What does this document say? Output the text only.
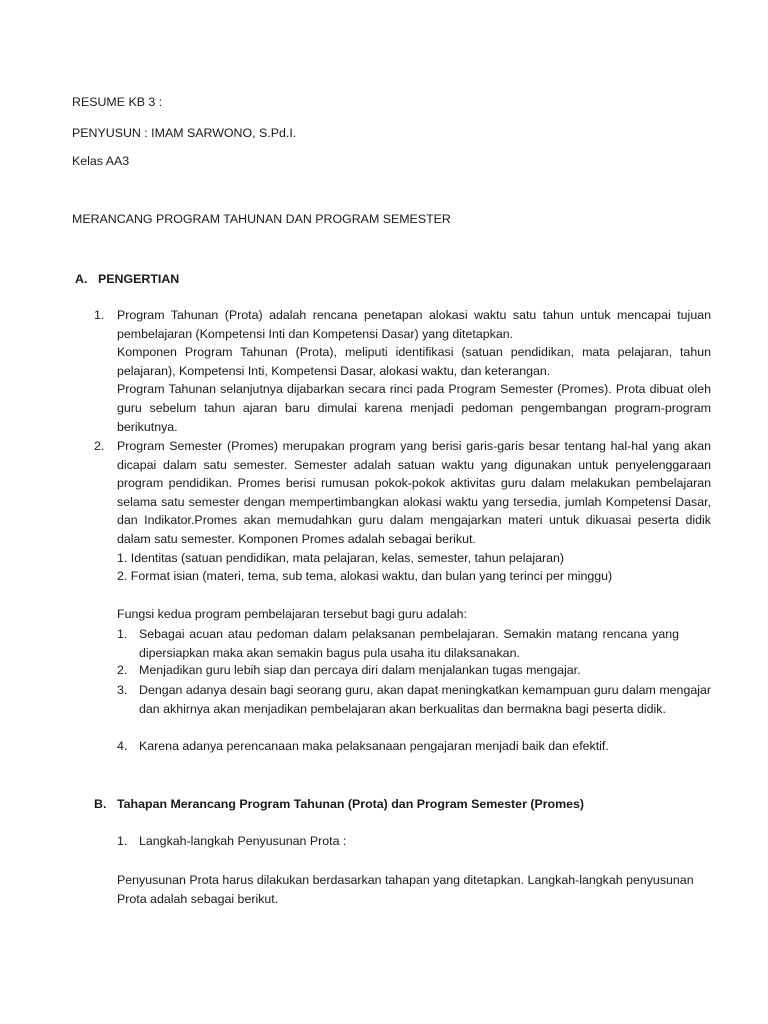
RESUME KB 3 :

PENYUSUN : IMAM SARWONO, S.Pd.I.

Kelas AA3

MERANCANG PROGRAM TAHUNAN DAN PROGRAM SEMESTER

A. PENGERTIAN

1. Program Tahunan (Prota) adalah rencana penetapan alokasi waktu satu tahun untuk mencapai tujuan pembelajaran (Kompetensi Inti dan Kompetensi Dasar) yang ditetapkan.

Komponen Program Tahunan (Prota), meliputi identifikasi (satuan pendidikan, mata pelajaran, tahun pelajaran), Kompetensi Inti, Kompetensi Dasar, alokasi waktu, dan keterangan.

Program Tahunan selanjutnya dijabarkan secara rinci pada Program Semester (Promes). Prota dibuat oleh guru sebelum tahun ajaran baru dimulai karena menjadi pedoman pengembangan program-program berikutnya.

2. Program Semester (Promes) merupakan program yang berisi garis-garis besar tentang hal-hal yang akan dicapai dalam satu semester. Semester adalah satuan waktu yang digunakan untuk penyelenggaraan program pendidikan. Promes berisi rumusan pokok-pokok aktivitas guru dalam melakukan pembelajaran selama satu semester dengan mempertimbangkan alokasi waktu yang tersedia, jumlah Kompetensi Dasar, dan Indikator.Promes akan memudahkan guru dalam mengajarkan materi untuk dikuasai peserta didik dalam satu semester. Komponen Promes adalah sebagai berikut.

1. Identitas (satuan pendidikan, mata pelajaran, kelas, semester, tahun pelajaran)

2. Format isian (materi, tema, sub tema, alokasi waktu, dan bulan yang terinci per minggu)

Fungsi kedua program pembelajaran tersebut bagi guru adalah:

1. Sebagai acuan atau pedoman dalam pelaksanan pembelajaran. Semakin matang rencana yang dipersiapkan maka akan semakin bagus pula usaha itu dilaksanakan.

2. Menjadikan guru lebih siap dan percaya diri dalam menjalankan tugas mengajar.

3. Dengan adanya desain bagi seorang guru, akan dapat meningkatkan kemampuan guru dalam mengajar dan akhirnya akan menjadikan pembelajaran akan berkualitas dan bermakna bagi peserta didik.

4. Karena adanya perencanaan maka pelaksanaan pengajaran menjadi baik dan efektif.

B. Tahapan Merancang Program Tahunan (Prota) dan Program Semester (Promes)

1. Langkah-langkah Penyusunan Prota :

Penyusunan Prota harus dilakukan berdasarkan tahapan yang ditetapkan. Langkah-langkah penyusunan Prota adalah sebagai berikut.
